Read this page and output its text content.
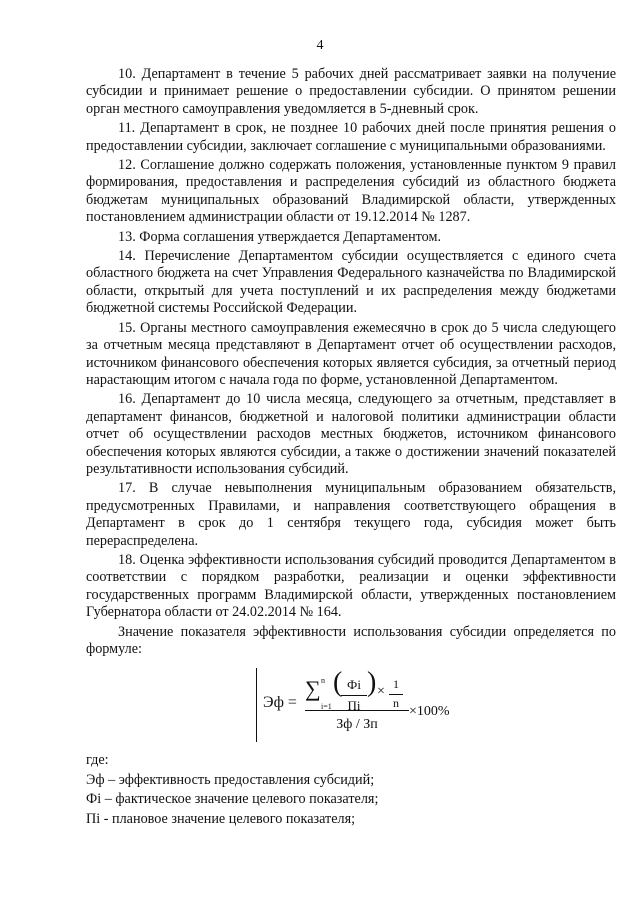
4

10. Департамент в течение 5 рабочих дней рассматривает заявки на получение субсидии и принимает решение о предоставлении субсидии. О принятом решении орган местного самоуправления уведомляется в 5-дневный срок.

11. Департамент в срок, не позднее 10 рабочих дней после принятия решения о предоставлении субсидии, заключает соглашение с муниципальными образованиями.

12. Соглашение должно содержать положения, установленные пунктом 9 правил формирования, предоставления и распределения субсидий из областного бюджета бюджетам муниципальных образований Владимирской области, утвержденных постановлением администрации области от 19.12.2014 № 1287.

13. Форма соглашения утверждается Департаментом.

14. Перечисление Департаментом субсидии осуществляется с единого счета областного бюджета на счет Управления Федерального казначейства по Владимирской области, открытый для учета поступлений и их распределения между бюджетами бюджетной системы Российской Федерации.

15. Органы местного самоуправления ежемесячно в срок до 5 числа следующего за отчетным месяца представляют в Департамент отчет об осуществлении расходов, источником финансового обеспечения которых является субсидия, за отчетный период нарастающим итогом с начала года по форме, установленной Департаментом.

16. Департамент до 10 числа месяца, следующего за отчетным, представляет в департамент финансов, бюджетной и налоговой политики администрации области отчет об осуществлении расходов местных бюджетов, источником финансового обеспечения которых являются субсидии, а также о достижении значений показателей результативности использования субсидий.

17. В случае невыполнения муниципальным образованием обязательств, предусмотренных Правилами, и направления соответствующего обращения в Департамент в срок до 1 сентября текущего года, субсидия может быть перераспределена.

18. Оценка эффективности использования субсидий проводится Департаментом в соответствии с порядком разработки, реализации и оценки эффективности государственных программ Владимирской области, утвержденных постановлением Губернатора области от 24.02.2014 № 164.

Значение показателя эффективности использования субсидии определяется по формуле:

Эф =
∑ n
i=1
( Фi
Пi
) × $\frac{1}{n}$
Зф / Зп
×100%

где:

Эф – эффективность предоставления субсидий;

Фi – фактическое значение целевого показателя;

Пi - плановое значение целевого показателя;
